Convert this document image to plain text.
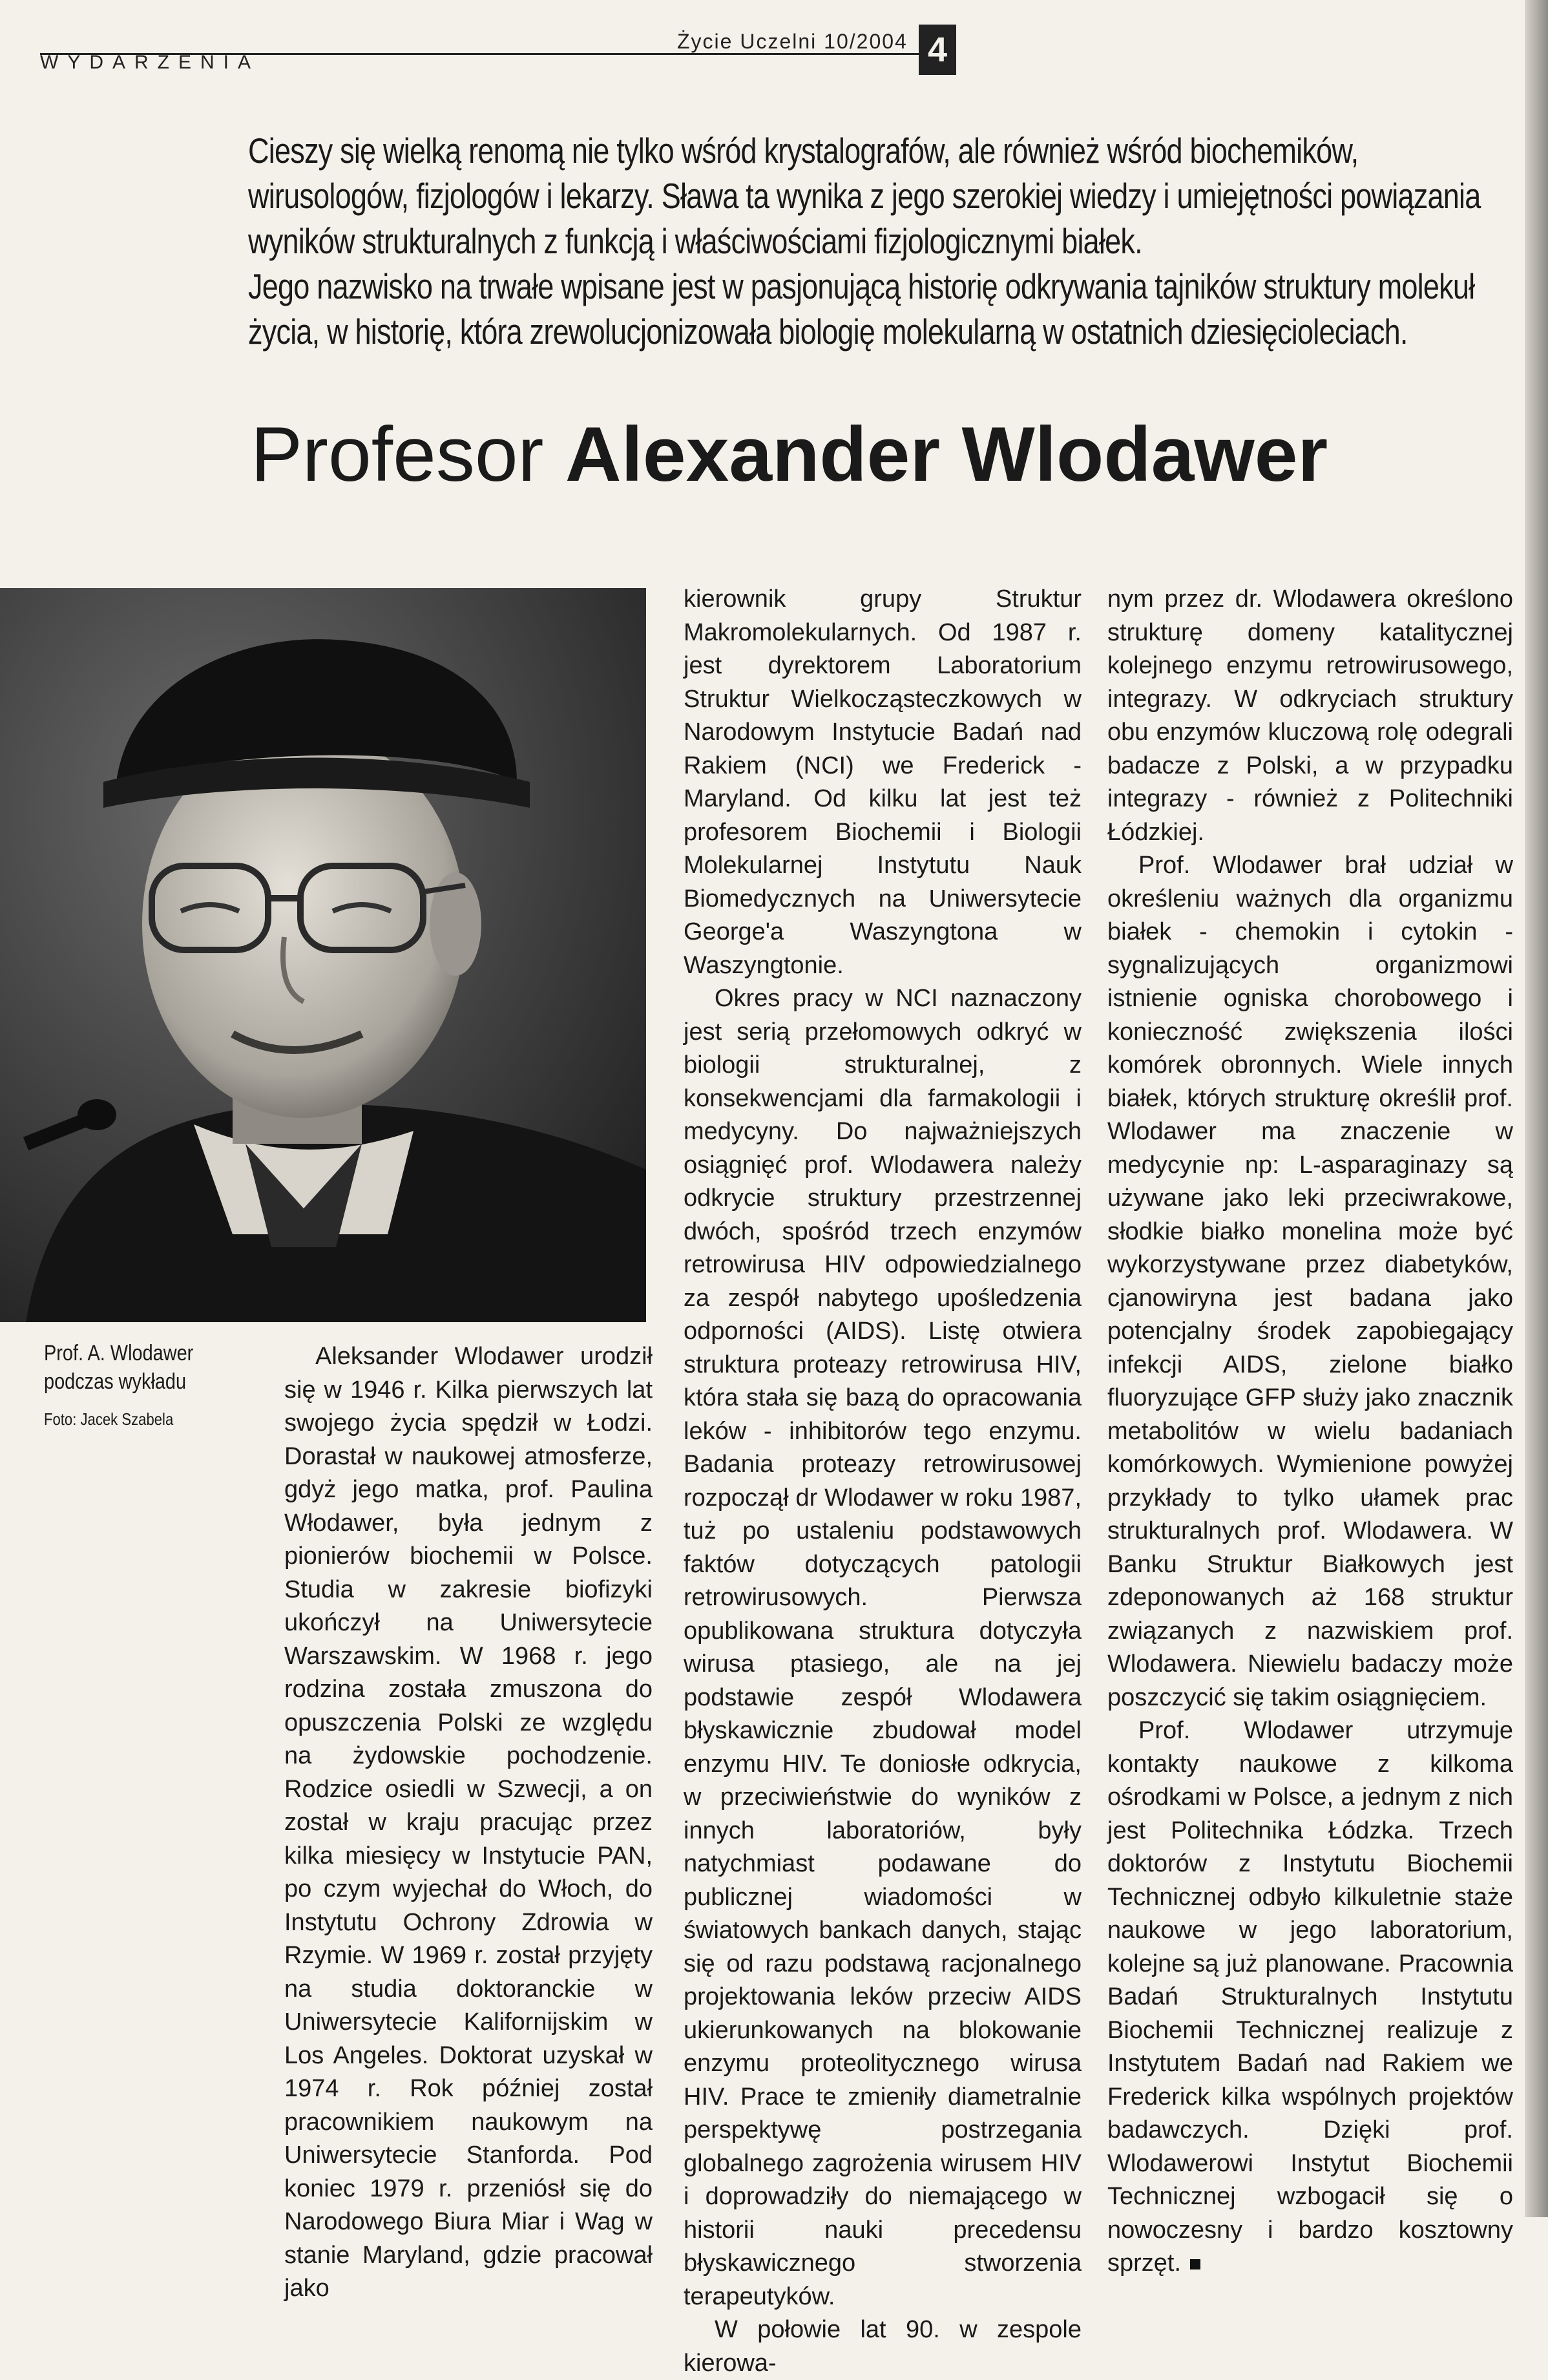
WYDARZENIA
Życie Uczelni 10/2004 4

Cieszy się wielką renomą nie tylko wśród krystalografów, ale również wśród biochemików, wirusologów, fizjologów i lekarzy. Sława ta wynika z jego szerokiej wiedzy i umiejętności powiązania wyników strukturalnych z funkcją i właściwościami fizjologicznymi białek.

Jego nazwisko na trwałe wpisane jest w pasjonującą historię odkrywania tajników struktury molekuł życia, w historię, która zrewolucjonizowała biologię molekularną w ostatnich dziesięcioleciach.

Profesor Alexander Wlodawer
Prof. A. Wlodawer podczas wykładu
Foto: Jacek Szabela

Aleksander Wlodawer urodził się w 1946 r. Kilka pierwszych lat swojego życia spędził w Łodzi. Dorastał w naukowej atmosferze, gdyż jego matka, prof. Paulina Włodawer, była jednym z pionierów biochemii w Polsce. Studia w zakresie biofizyki ukończył na Uniwersytecie Warszawskim. W 1968 r. jego rodzina została zmuszona do opuszczenia Polski ze względu na żydowskie pochodzenie. Rodzice osiedli w Szwecji, a on został w kraju pracując przez kilka miesięcy w Instytucie PAN, po czym wyjechał do Włoch, do Instytutu Ochrony Zdrowia w Rzymie. W 1969 r. został przyjęty na studia doktoranckie w Uniwersytecie Kalifornijskim w Los Angeles. Doktorat uzyskał w 1974 r. Rok później został pracownikiem naukowym na Uniwersytecie Stanforda. Pod koniec 1979 r. przeniósł się do Narodowego Biura Miar i Wag w stanie Maryland, gdzie pracował jako

kierownik grupy Struktur Makromolekularnych. Od 1987 r. jest dyrektorem Laboratorium Struktur Wielkocząsteczkowych w Narodowym Instytucie Badań nad Rakiem (NCI) we Frederick - Maryland. Od kilku lat jest też profesorem Biochemii i Biologii Molekularnej Instytutu Nauk Biomedycznych na Uniwersytecie George'a Waszyngtona w Waszyngtonie.

Okres pracy w NCI naznaczony jest serią przełomowych odkryć w biologii strukturalnej, z konsekwencjami dla farmakologii i medycyny. Do najważniejszych osiągnięć prof. Wlodawera należy odkrycie struktury przestrzennej dwóch, spośród trzech enzymów retrowirusa HIV odpowiedzialnego za zespół nabytego upośledzenia odporności (AIDS). Listę otwiera struktura proteazy retrowirusa HIV, która stała się bazą do opracowania leków - inhibitorów tego enzymu. Badania proteazy retrowirusowej rozpoczął dr Wlodawer w roku 1987, tuż po ustaleniu podstawowych faktów dotyczących patologii retrowirusowych. Pierwsza opublikowana struktura dotyczyła wirusa ptasiego, ale na jej podstawie zespół Wlodawera błyskawicznie zbudował model enzymu HIV. Te doniosłe odkrycia, w przeciwieństwie do wyników z innych laboratoriów, były natychmiast podawane do publicznej wiadomości w światowych bankach danych, stając się od razu podstawą racjonalnego projektowania leków przeciw AIDS ukierunkowanych na blokowanie enzymu proteolitycznego wirusa HIV. Prace te zmieniły diametralnie perspektywę postrzegania globalnego zagrożenia wirusem HIV i doprowadziły do niemającego w historii nauki precedensu błyskawicznego stworzenia terapeutyków.

W połowie lat 90. w zespole kierowa-

nym przez dr. Wlodawera określono strukturę domeny katalitycznej kolejnego enzymu retrowirusowego, integrazy. W odkryciach struktury obu enzymów kluczową rolę odegrali badacze z Polski, a w przypadku integrazy - również z Politechniki Łódzkiej.

Prof. Wlodawer brał udział w określeniu ważnych dla organizmu białek - chemokin i cytokin - sygnalizujących organizmowi istnienie ogniska chorobowego i konieczność zwiększenia ilości komórek obronnych. Wiele innych białek, których strukturę określił prof. Wlodawer ma znaczenie w medycynie np: L-asparaginazy są używane jako leki przeciwrakowe, słodkie białko monelina może być wykorzystywane przez diabetyków, cjanowiryna jest badana jako potencjalny środek zapobiegający infekcji AIDS, zielone białko fluoryzujące GFP służy jako znacznik metabolitów w wielu badaniach komórkowych. Wymienione powyżej przykłady to tylko ułamek prac strukturalnych prof. Wlodawera. W Banku Struktur Białkowych jest zdeponowanych aż 168 struktur związanych z nazwiskiem prof. Wlodawera. Niewielu badaczy może poszczycić się takim osiągnięciem.

Prof. Wlodawer utrzymuje kontakty naukowe z kilkoma ośrodkami w Polsce, a jednym z nich jest Politechnika Łódzka. Trzech doktorów z Instytutu Biochemii Technicznej odbyło kilkuletnie staże naukowe w jego laboratorium, kolejne są już planowane. Pracownia Badań Strukturalnych Instytutu Biochemii Technicznej realizuje z Instytutem Badań nad Rakiem we Frederick kilka wspólnych projektów badawczych. Dzięki prof. Wlodawerowi Instytut Biochemii Technicznej wzbogacił się o nowoczesny i bardzo kosztowny sprzęt.
